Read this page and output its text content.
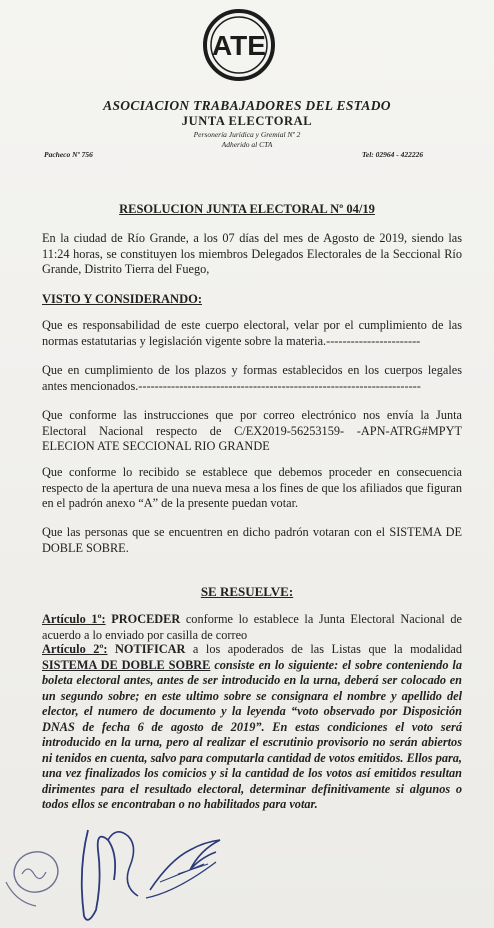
ATE
ASOCIACION TRABAJADORES DEL ESTADO
JUNTA ELECTORAL
Personería Jurídica y Gremial Nº 2
Adherido al CTA
Pacheco Nº 756	Tel: 02964 - 422226
RESOLUCION JUNTA ELECTORAL Nº 04/19
En la ciudad de Río Grande, a los 07 días del mes de Agosto de 2019, siendo las 11:24 horas, se constituyen los miembros Delegados Electorales de la Seccional Río Grande, Distrito Tierra del Fuego,
VISTO Y CONSIDERANDO:
Que es responsabilidad de este cuerpo electoral, velar por el cumplimiento de las normas estatutarias y legislación vigente sobre la materia.-----------------------
Que en cumplimiento de los plazos y formas establecidos en los cuerpos legales antes mencionados.---------------------------------------------------------------------
Que conforme las instrucciones que por correo electrónico nos envía la Junta Electoral Nacional respecto de C/EX2019-56253159- -APN-ATRG#MPYT ELECION ATE SECCIONAL RIO GRANDE
Que conforme lo recibido se establece que debemos proceder en consecuencia respecto de la apertura de una nueva mesa a los fines de que los afiliados que figuran en el padrón anexo “A” de la presente puedan votar.
Que las personas que se encuentren en dicho padrón votaran con el SISTEMA DE DOBLE SOBRE.
SE RESUELVE:
Artículo 1º: PROCEDER conforme lo establece la Junta Electoral Nacional de acuerdo a lo enviado por casilla de correo
Artículo 2º: NOTIFICAR a los apoderados de las Listas que la modalidad SISTEMA DE DOBLE SOBRE consiste en lo siguiente: el sobre conteniendo la boleta electoral antes, antes de ser introducido en la urna, deberá ser colocado en un segundo sobre; en este ultimo sobre se consignara el nombre y apellido del elector, el numero de documento y la leyenda “voto observado por Disposición DNAS de fecha 6 de agosto de 2019”. En estas condiciones el voto será introducido en la urna, pero al realizar el escrutinio provisorio no serán abiertos ni tenidos en cuenta, salvo para computarla cantidad de votos emitidos. Ellos para, una vez finalizados los comicios y si la cantidad de los votos así emitidos resultan dirimentes para el resultado electoral, determinar definitivamente si algunos o todos ellos se encontraban o no habilitados para votar.
